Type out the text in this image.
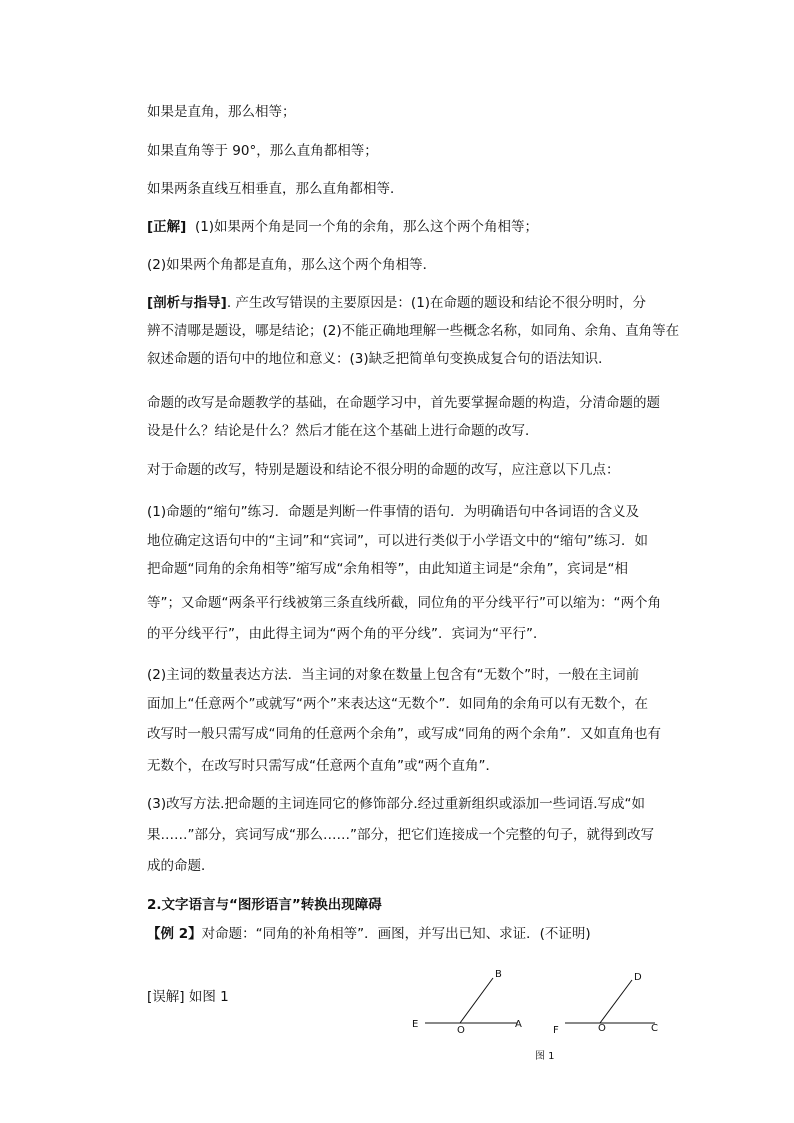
如果是直角，那么相等；
如果直角等于 90°，那么直角都相等；
如果两条直线互相垂直，那么直角都相等．
[正解] (1)如果两个角是同一个角的余角，那么这个两个角相等；
(2)如果两个角都是直角，那么这个两个角相等．
[剖析与指导]. 产生改写错误的主要原因是：(1)在命题的题设和结论不很分明时，分
辨不清哪是题设，哪是结论；(2)不能正确地理解一些概念名称，如同角、余角、直角等在
叙述命题的语句中的地位和意义：(3)缺乏把简单句变换成复合句的语法知识．
命题的改写是命题教学的基础，在命题学习中，首先要掌握命题的构造，分清命题的题
设是什么？结论是什么？然后才能在这个基础上进行命题的改写．
对于命题的改写，特别是题设和结论不很分明的命题的改写，应注意以下几点：
(1)命题的“缩句”练习．命题是判断一件事情的语句．为明确语句中各词语的含义及
地位确定这语句中的“主词”和“宾词”，可以进行类似于小学语文中的“缩句”练习．如
把命题“同角的余角相等”缩写成“余角相等”，由此知道主词是“余角”，宾词是“相
等”；又命题“两条平行线被第三条直线所截，同位角的平分线平行”可以缩为：“两个角
的平分线平行”，由此得主词为“两个角的平分线”．宾词为“平行”．
(2)主词的数量表达方法．当主词的对象在数量上包含有“无数个”时，一般在主词前
面加上“任意两个”或就写“两个”来表达这“无数个”．如同角的余角可以有无数个，在
改写时一般只需写成“同角的任意两个余角”，或写成“同角的两个余角”．又如直角也有
无数个，在改写时只需写成“任意两个直角”或“两个直角”．
(3)改写方法.把命题的主词连同它的修饰部分.经过重新组织或添加一些词语.写成“如
果……”部分，宾词写成“那么……”部分，把它们连接成一个完整的句子，就得到改写
成的命题．
2.文字语言与“图形语言”转换出现障碍
【例 2】对命题：“同角的补角相等”．画图，并写出已知、求证．(不证明)
[误解] 如图 1
B
E
O
A
D
F	O	C
图 1
